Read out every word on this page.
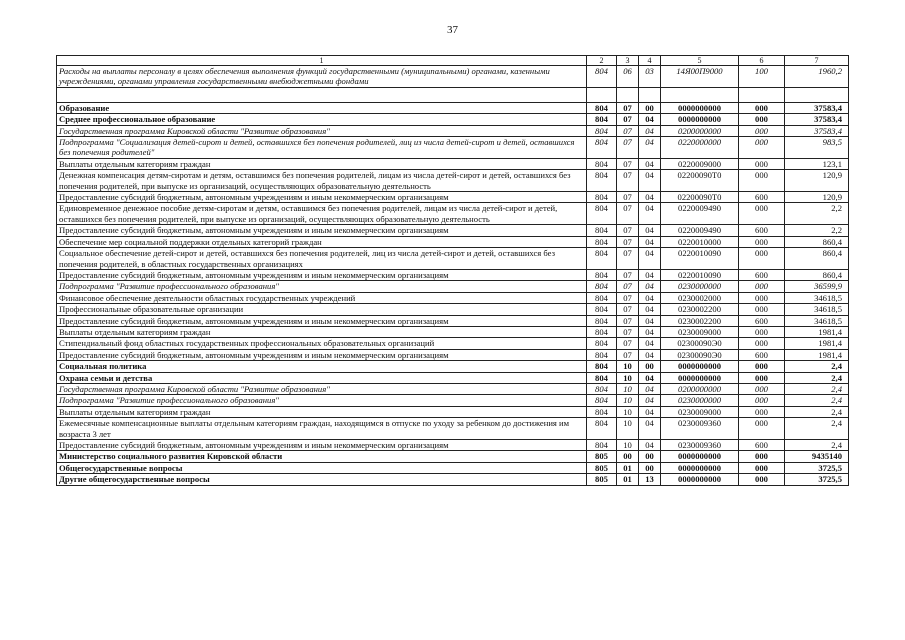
37
1	2	3	4	5	6	7
Расходы на выплаты персоналу в целях обеспечения выполнения функций государственными (муниципальными) органами, казенными учреждениями, органами управления государственными внебюджетными фондами	804	06	03	14Я00П9000	100	1960,2

Образование	804	07	00	0000000000	000	37583,4
Среднее профессиональное образование	804	07	04	0000000000	000	37583,4
Государственная программа Кировской области "Развитие образования"	804	07	04	0200000000	000	37583,4
Подпрограмма "Социализация детей-сирот и детей, оставшихся без попечения родителей, лиц из числа детей-сирот и детей, оставшихся без попечения родителей"	804	07	04	0220000000	000	983,5
Выплаты отдельным категориям граждан	804	07	04	0220009000	000	123,1
Денежная компенсация детям-сиротам и детям, оставшимся без попечения родителей, лицам из числа детей-сирот и детей, оставшихся без попечения родителей, при выпуске из организаций, осуществляющих образовательную деятельность	804	07	04	02200090Т0	000	120,9
Предоставление субсидий бюджетным, автономным учреждениям и иным некоммерческим организациям	804	07	04	02200090Т0	600	120,9
Единовременное денежное пособие детям-сиротам и детям, оставшимся без попечения родителей, лицам из числа детей-сирот и детей, оставшихся без попечения родителей, при выпуске из организаций, осуществляющих образовательную деятельность	804	07	04	0220009490	000	2,2
Предоставление субсидий бюджетным, автономным учреждениям и иным некоммерческим организациям	804	07	04	0220009490	600	2,2
Обеспечение мер социальной поддержки отдельных категорий граждан	804	07	04	0220010000	000	860,4
Социальное обеспечение детей-сирот и детей, оставшихся без попечения родителей, лиц из числа детей-сирот и детей, оставшихся без попечения родителей, в областных государственных организациях	804	07	04	0220010090	000	860,4
Предоставление субсидий бюджетным, автономным учреждениям и иным некоммерческим организациям	804	07	04	0220010090	600	860,4
Подпрограмма "Развитие профессионального образования"	804	07	04	0230000000	000	36599,9
Финансовое обеспечение деятельности областных государственных учреждений	804	07	04	0230002000	000	34618,5
Профессиональные образовательные организации	804	07	04	0230002200	000	34618,5
Предоставление субсидий бюджетным, автономным учреждениям и иным некоммерческим организациям	804	07	04	0230002200	600	34618,5
Выплаты отдельным категориям граждан	804	07	04	0230009000	000	1981,4
Стипендиальный фонд областных государственных профессиональных образовательных организаций	804	07	04	02300090Э0	000	1981,4
Предоставление субсидий бюджетным, автономным учреждениям и иным некоммерческим организациям	804	07	04	02300090Э0	600	1981,4
Социальная политика	804	10	00	0000000000	000	2,4
Охрана семьи и детства	804	10	04	0000000000	000	2,4
Государственная программа Кировской области "Развитие образования"	804	10	04	0200000000	000	2,4
Подпрограмма "Развитие профессионального образования"	804	10	04	0230000000	000	2,4
Выплаты отдельным категориям граждан	804	10	04	0230009000	000	2,4
Ежемесячные компенсационные выплаты отдельным категориям граждан, находящимся в отпуске по уходу за ребенком до достижения им возраста 3 лет	804	10	04	0230009360	000	2,4
Предоставление субсидий бюджетным, автономным учреждениям и иным некоммерческим организациям	804	10	04	0230009360	600	2,4
Министерство социального развития Кировской области	805	00	00	0000000000	000	9435140
Общегосударственные вопросы	805	01	00	0000000000	000	3725,5
Другие общегосударственные вопросы	805	01	13	0000000000	000	3725,5
